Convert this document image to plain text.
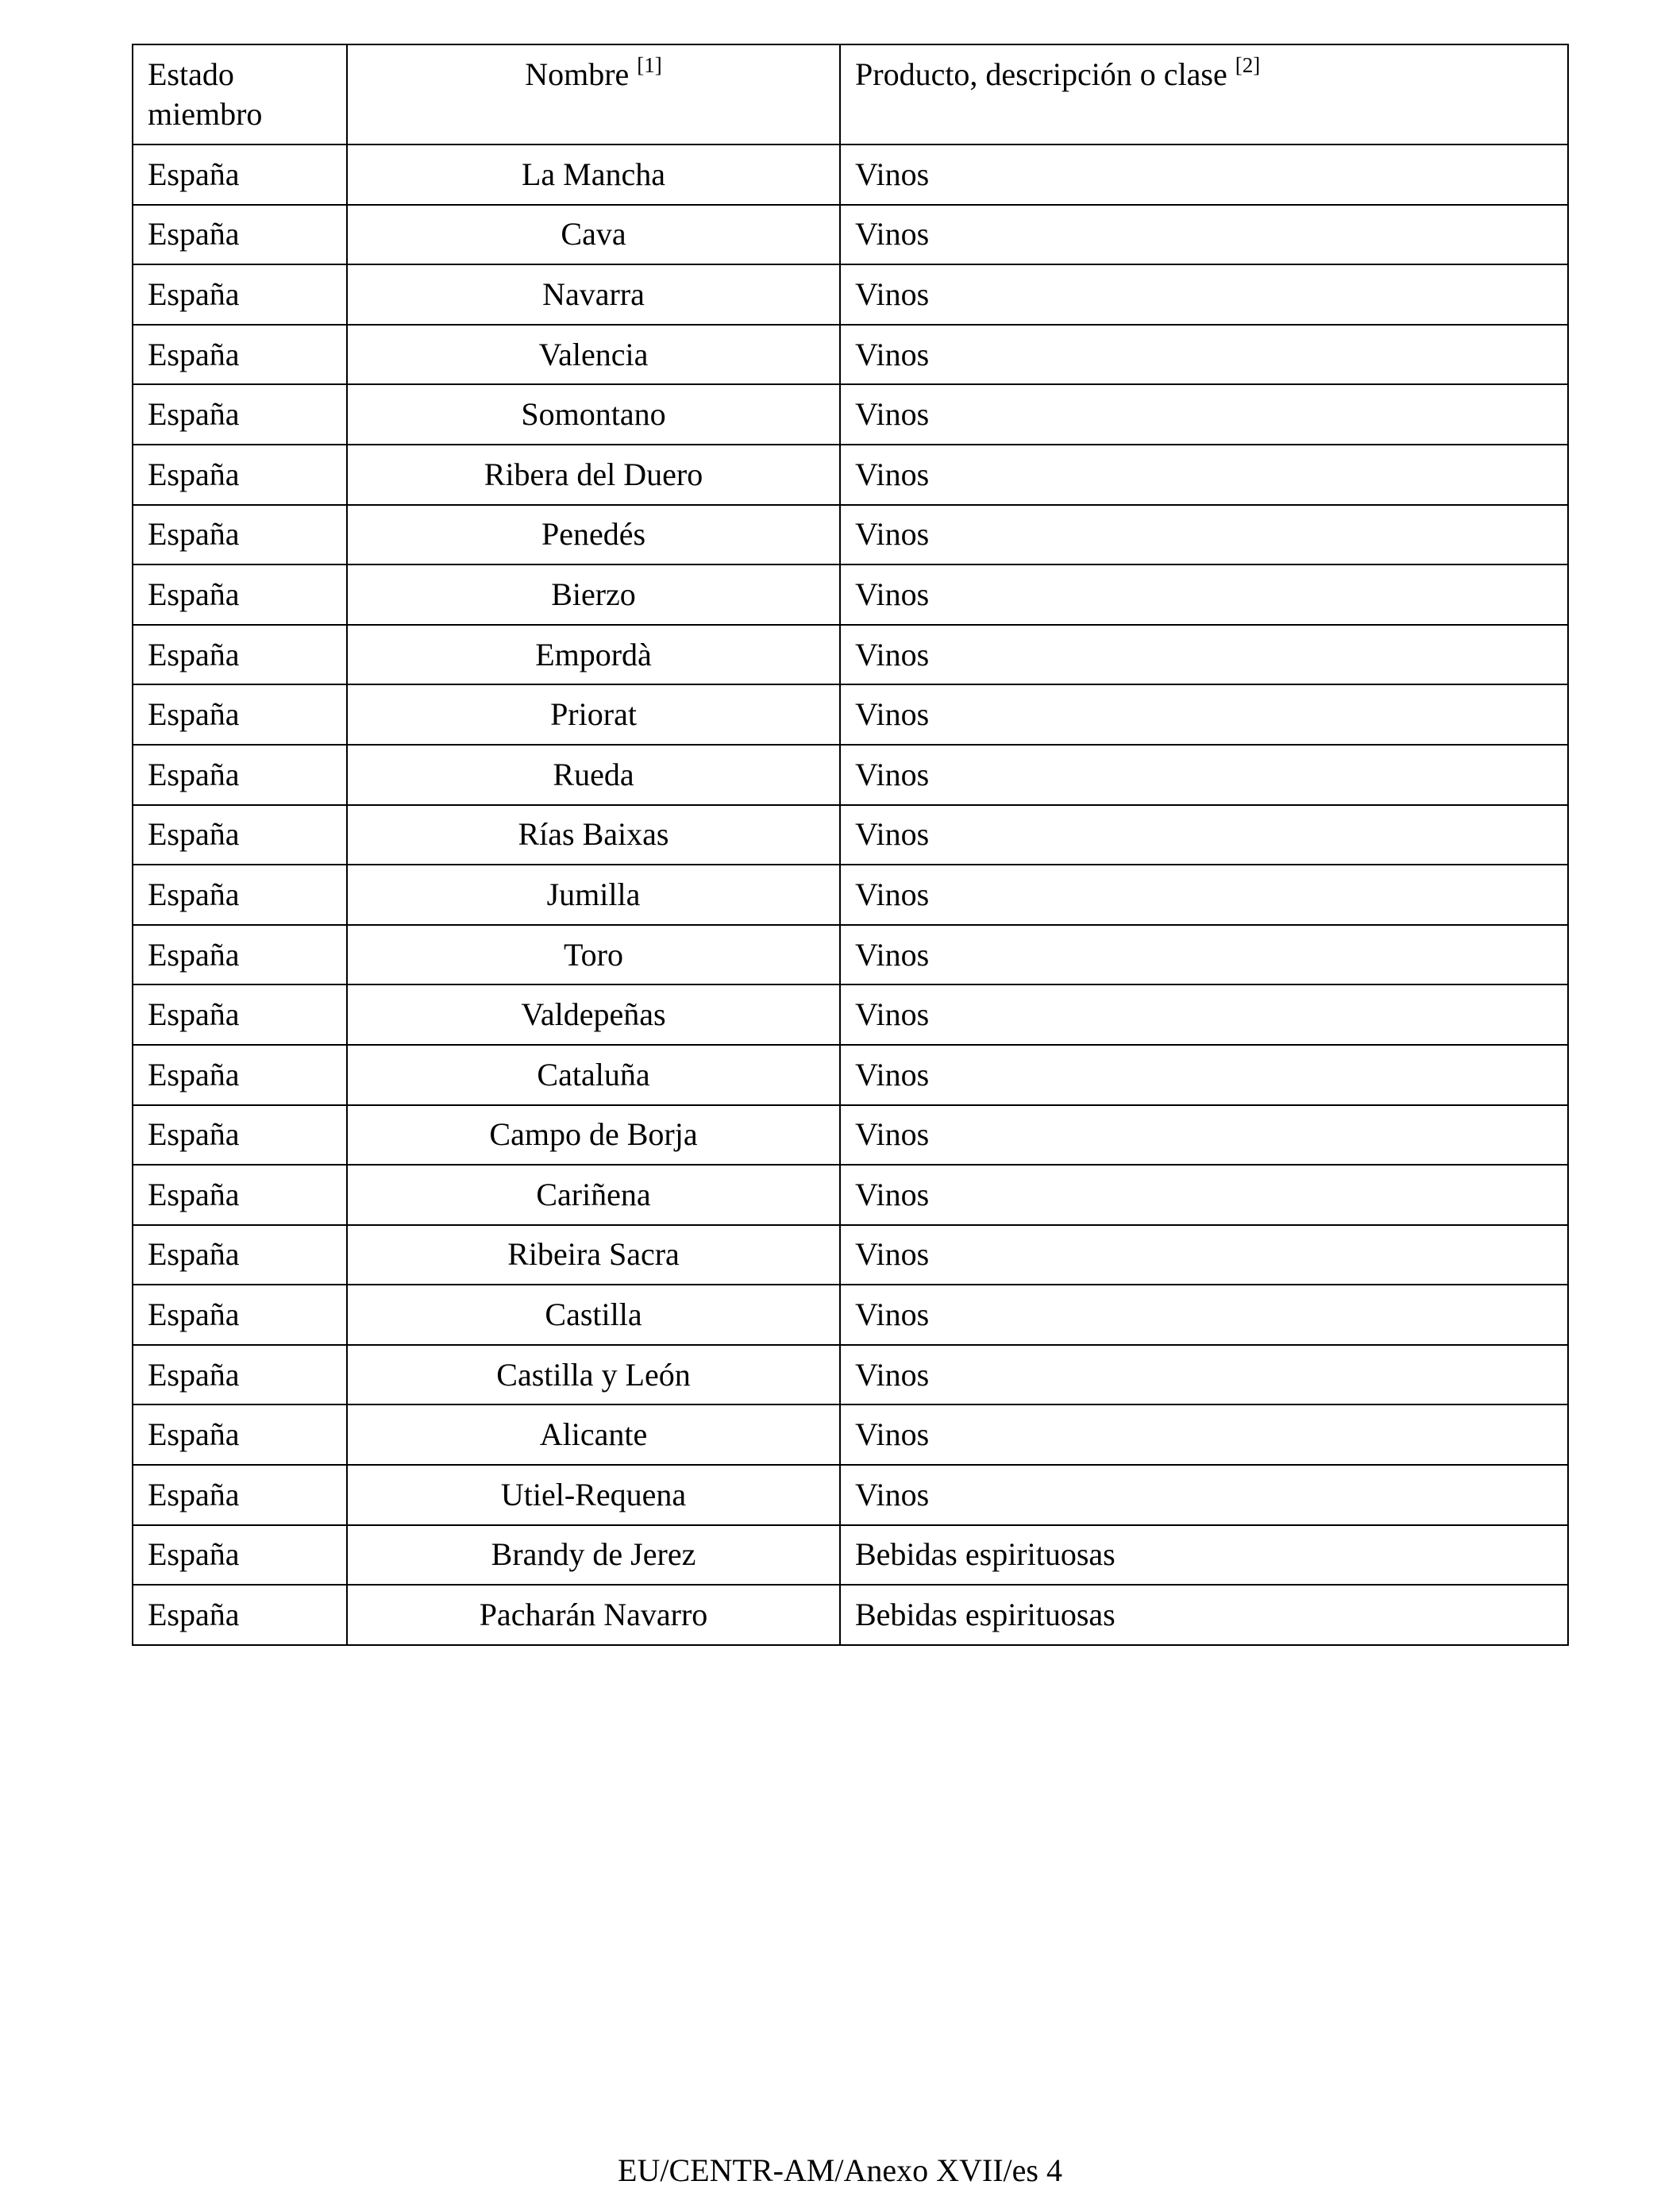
Estado miembro	Nombre [1]	Producto, descripción o clase [2]
España	La Mancha	Vinos
España	Cava	Vinos
España	Navarra	Vinos
España	Valencia	Vinos
España	Somontano	Vinos
España	Ribera del Duero	Vinos
España	Penedés	Vinos
España	Bierzo	Vinos
España	Empordà	Vinos
España	Priorat	Vinos
España	Rueda	Vinos
España	Rías Baixas	Vinos
España	Jumilla	Vinos
España	Toro	Vinos
España	Valdepeñas	Vinos
España	Cataluña	Vinos
España	Campo de Borja	Vinos
España	Cariñena	Vinos
España	Ribeira Sacra	Vinos
España	Castilla	Vinos
España	Castilla y León	Vinos
España	Alicante	Vinos
España	Utiel-Requena	Vinos
España	Brandy de Jerez	Bebidas espirituosas
España	Pacharán Navarro	Bebidas espirituosas
EU/CENTR-AM/Anexo XVII/es 4
